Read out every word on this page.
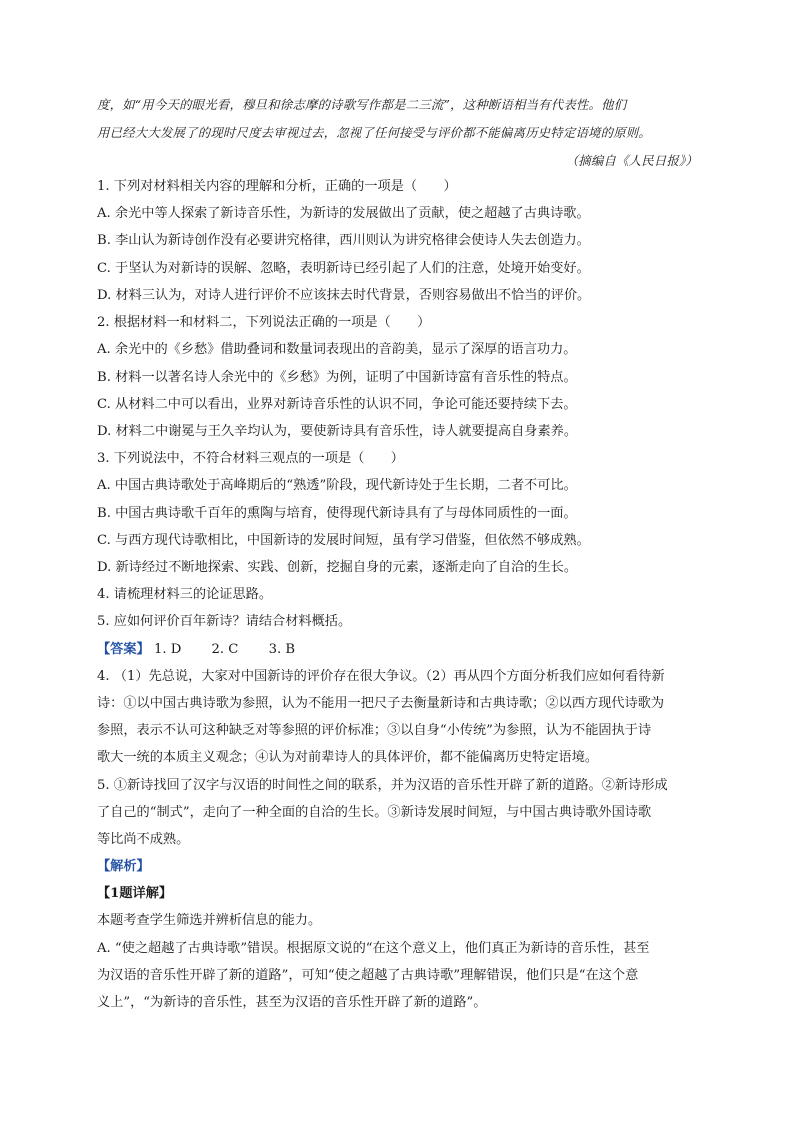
度，如“用今天的眼光看，穆旦和徐志摩的诗歌写作都是二三流”，这种断语相当有代表性。他们
用已经大大发展了的现时尺度去审视过去，忽视了任何接受与评价都不能偏离历史特定语境的原则。
（摘编自《人民日报》）
1. 下列对材料相关内容的理解和分析，正确的一项是（　　）
A. 余光中等人探索了新诗音乐性，为新诗的发展做出了贡献，使之超越了古典诗歌。
B. 李山认为新诗创作没有必要讲究格律，西川则认为讲究格律会使诗人失去创造力。
C. 于坚认为对新诗的误解、忽略，表明新诗已经引起了人们的注意，处境开始变好。
D. 材料三认为，对诗人进行评价不应该抹去时代背景，否则容易做出不恰当的评价。
2. 根据材料一和材料二，下列说法正确的一项是（　　）
A. 余光中的《乡愁》借助叠词和数量词表现出的音韵美，显示了深厚的语言功力。
B. 材料一以著名诗人余光中的《乡愁》为例，证明了中国新诗富有音乐性的特点。
C. 从材料二中可以看出，业界对新诗音乐性的认识不同，争论可能还要持续下去。
D. 材料二中谢冕与王久辛均认为，要使新诗具有音乐性，诗人就要提高自身素养。
3. 下列说法中，不符合材料三观点的一项是（　　）
A. 中国古典诗歌处于高峰期后的“熟透”阶段，现代新诗处于生长期，二者不可比。
B. 中国古典诗歌千百年的熏陶与培育，使得现代新诗具有了与母体同质性的一面。
C. 与西方现代诗歌相比，中国新诗的发展时间短，虽有学习借鉴，但依然不够成熟。
D. 新诗经过不断地探索、实践、创新，挖掘自身的元素，逐渐走向了自洽的生长。
4. 请梳理材料三的论证思路。
5. 应如何评价百年新诗？请结合材料概括。
【答案】 1. D 2. C 3. B
4. （1）先总说，大家对中国新诗的评价存在很大争议。（2）再从四个方面分析我们应如何看待新
诗：①以中国古典诗歌为参照，认为不能用一把尺子去衡量新诗和古典诗歌；②以西方现代诗歌为
参照，表示不认可这种缺乏对等参照的评价标准；③以自身“小传统”为参照，认为不能固执于诗
歌大一统的本质主义观念；④认为对前辈诗人的具体评价，都不能偏离历史特定语境。
5. ①新诗找回了汉字与汉语的时间性之间的联系，并为汉语的音乐性开辟了新的道路。②新诗形成
了自己的“制式”，走向了一种全面的自洽的生长。③新诗发展时间短，与中国古典诗歌外国诗歌
等比尚不成熟。
【解析】
【1题详解】
本题考查学生筛选并辨析信息的能力。
A. “使之超越了古典诗歌”错误。根据原文说的“在这个意义上，他们真正为新诗的音乐性，甚至
为汉语的音乐性开辟了新的道路”，可知“使之超越了古典诗歌”理解错误，他们只是“在这个意
义上”，“为新诗的音乐性，甚至为汉语的音乐性开辟了新的道路”。
